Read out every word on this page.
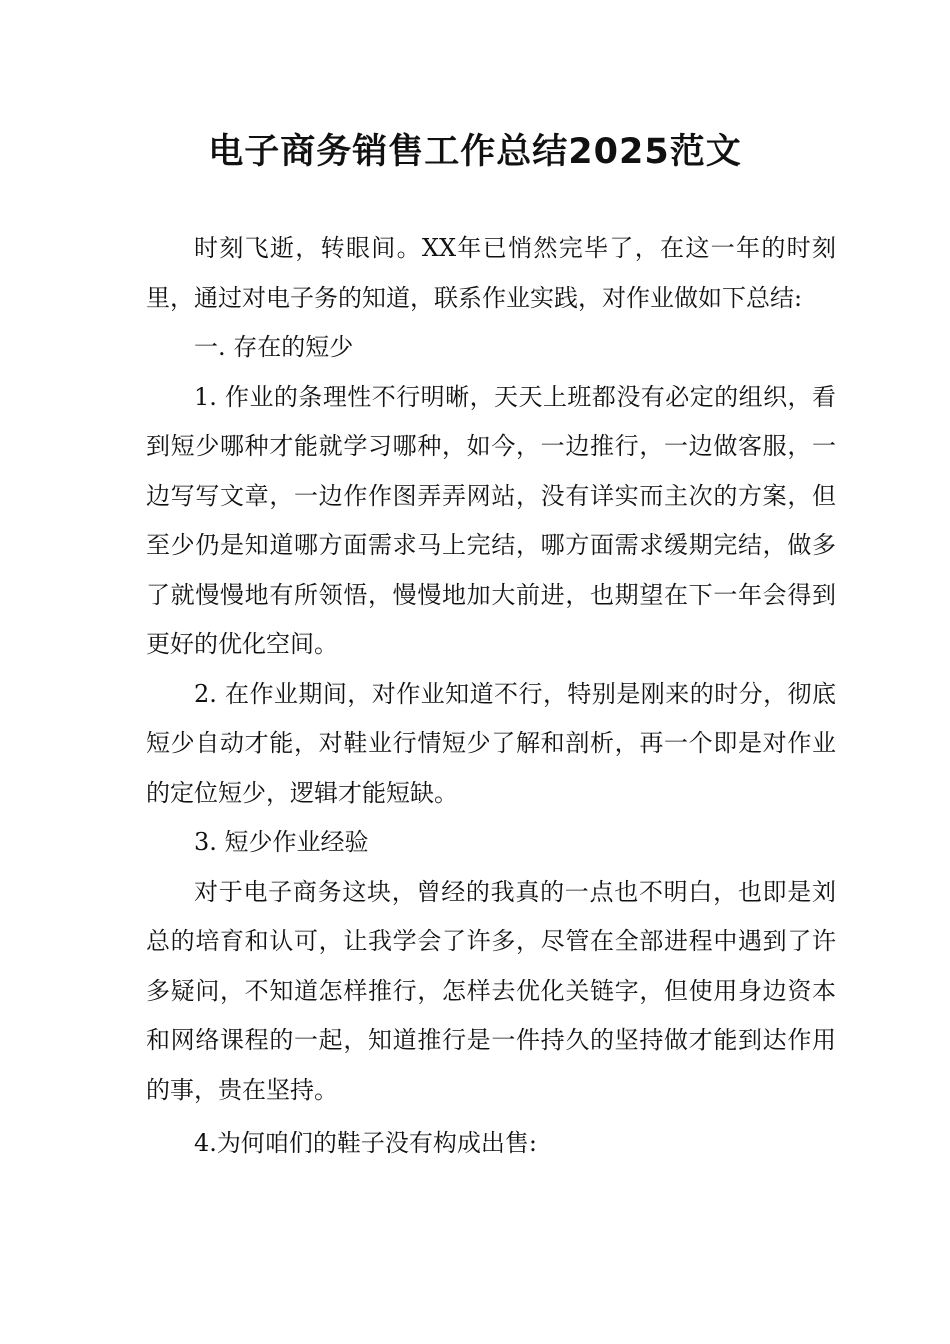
电子商务销售工作总结2025范文

时刻飞逝，转眼间。XX年已悄然完毕了，在这一年的时刻里，通过对电子务的知道，联系作业实践，对作业做如下总结:

一. 存在的短少

1. 作业的条理性不行明晰，天天上班都没有必定的组织，看到短少哪种才能就学习哪种，如今，一边推行，一边做客服，一边写写文章，一边作作图弄弄网站，没有详实而主次的方案，但至少仍是知道哪方面需求马上完结，哪方面需求缓期完结，做多了就慢慢地有所领悟，慢慢地加大前进，也期望在下一年会得到更好的优化空间。

2. 在作业期间，对作业知道不行，特别是刚来的时分，彻底短少自动才能，对鞋业行情短少了解和剖析，再一个即是对作业的定位短少，逻辑才能短缺。

3. 短少作业经验

对于电子商务这块，曾经的我真的一点也不明白，也即是刘总的培育和认可，让我学会了许多，尽管在全部进程中遇到了许多疑问，不知道怎样推行，怎样去优化关链字，但使用身边资本和网络课程的一起，知道推行是一件持久的坚持做才能到达作用的事，贵在坚持。

4.为何咱们的鞋子没有构成出售:
